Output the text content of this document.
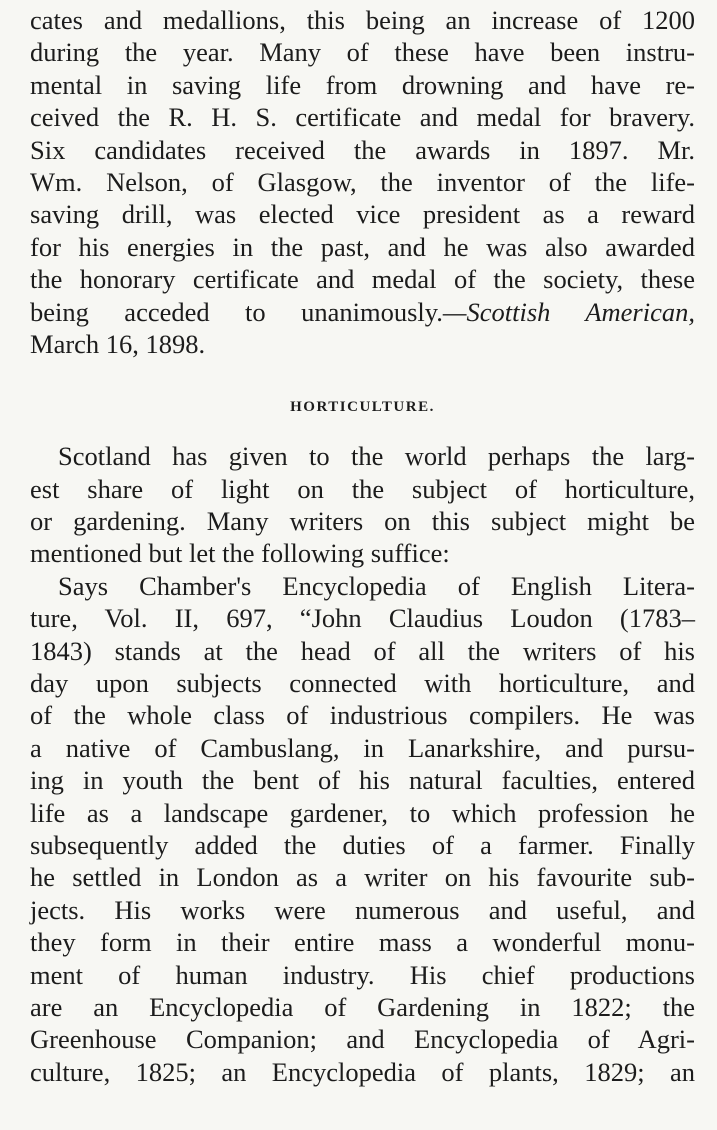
cates and medallions, this being an increase of 1200
during the year. Many of these have been instru-
mental in saving life from drowning and have re-
ceived the R. H. S. certificate and medal for bravery.
Six candidates received the awards in 1897. Mr.
Wm. Nelson, of Glasgow, the inventor of the life-
saving drill, was elected vice president as a reward
for his energies in the past, and he was also awarded
the honorary certificate and medal of the society, these
being acceded to unanimously.—Scottish American,
March 16, 1898.
HORTICULTURE.
Scotland has given to the world perhaps the larg-
est share of light on the subject of horticulture,
or gardening. Many writers on this subject might be
mentioned but let the following suffice:
Says Chamber's Encyclopedia of English Litera-
ture, Vol. II, 697, “John Claudius Loudon (1783–
1843) stands at the head of all the writers of his
day upon subjects connected with horticulture, and
of the whole class of industrious compilers. He was
a native of Cambuslang, in Lanarkshire, and pursu-
ing in youth the bent of his natural faculties, entered
life as a landscape gardener, to which profession he
subsequently added the duties of a farmer. Finally
he settled in London as a writer on his favourite sub-
jects. His works were numerous and useful, and
they form in their entire mass a wonderful monu-
ment of human industry. His chief productions
are an Encyclopedia of Gardening in 1822; the
Greenhouse Companion; and Encyclopedia of Agri-
culture, 1825; an Encyclopedia of plants, 1829; an
